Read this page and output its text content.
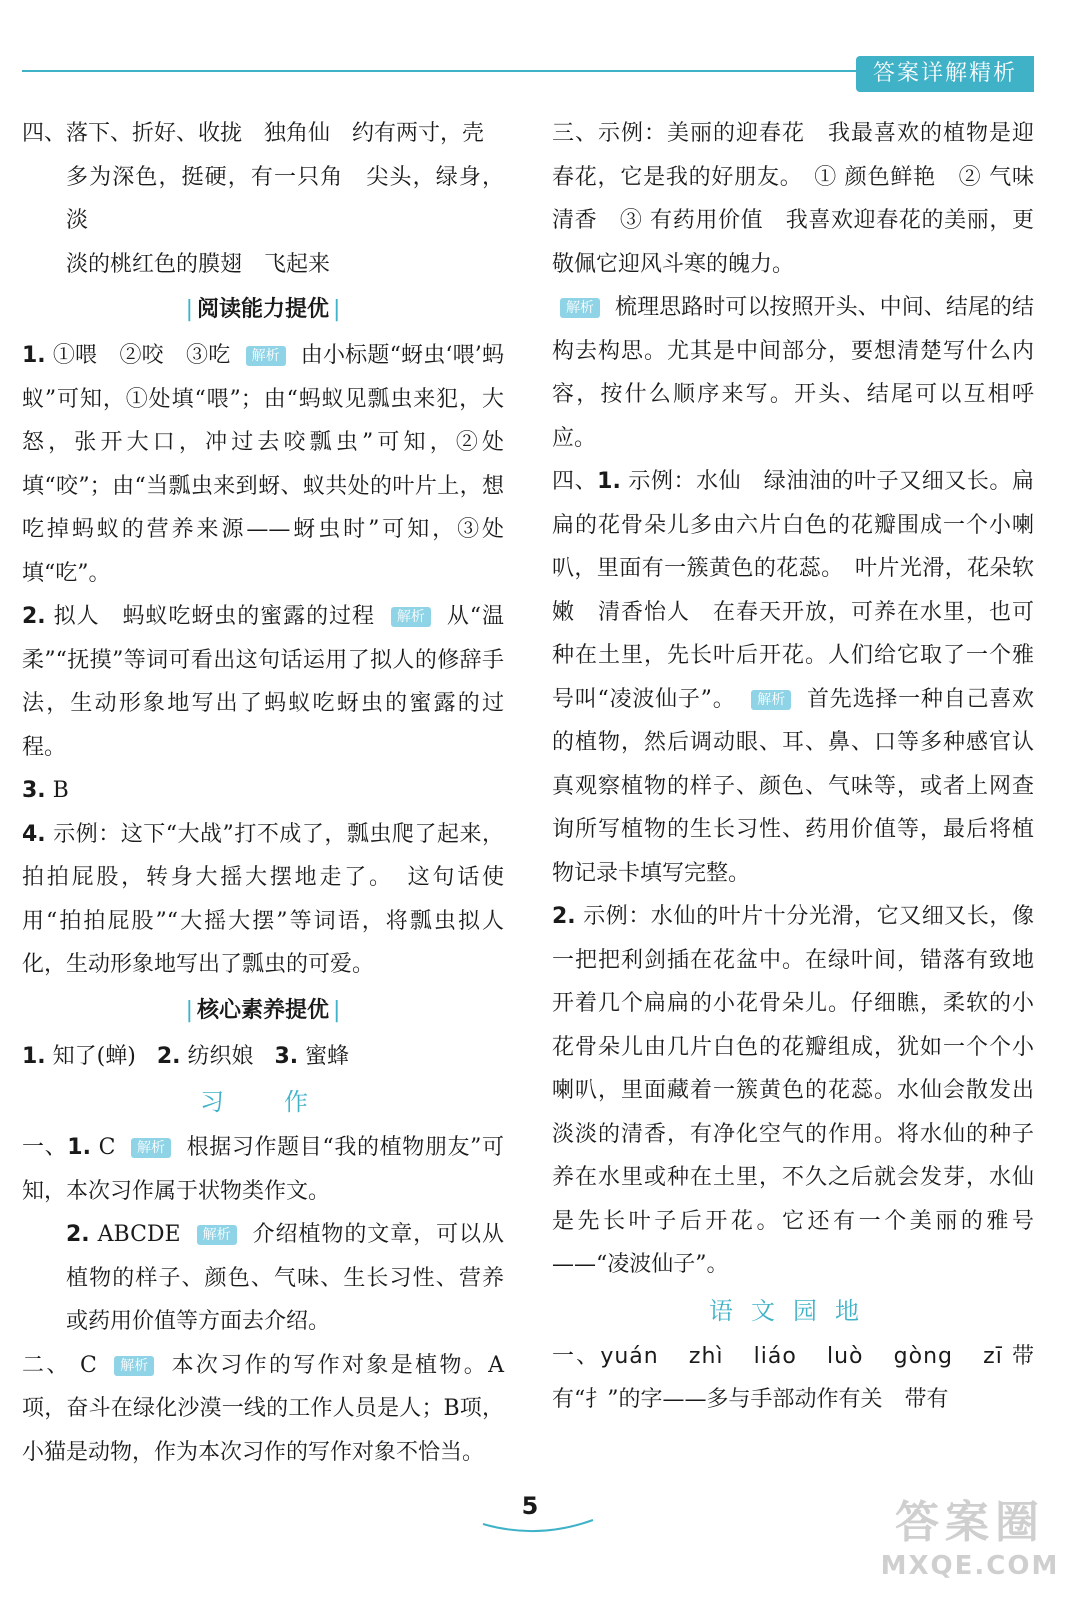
答案详解精析

四、落下、折好、收拢　独角仙　约有两寸，壳

多为深色，挺硬，有一只角　尖头，绿身，淡

淡的桃红色的膜翅　飞起来

| 阅读能力提优 |

1. ①喂　②咬　③吃 解析 由小标题“蚜虫‘喂’蚂蚁”可知，①处填“喂”；由“蚂蚁见瓢虫来犯，大怒，张开大口，冲过去咬瓢虫”可知，②处填“咬”；由“当瓢虫来到蚜、蚁共处的叶片上，想吃掉蚂蚁的营养来源——蚜虫时”可知，③处填“吃”。

2. 拟人　蚂蚁吃蚜虫的蜜露的过程 解析 从“温柔”“抚摸”等词可看出这句话运用了拟人的修辞手法，生动形象地写出了蚂蚁吃蚜虫的蜜露的过程。

3. B

4. 示例：这下“大战”打不成了，瓢虫爬了起来，拍拍屁股，转身大摇大摆地走了。　这句话使用“拍拍屁股”“大摇大摆”等词语，将瓢虫拟人化，生动形象地写出了瓢虫的可爱。

| 核心素养提优 |

1. 知了(蝉) 2. 纺织娘 3. 蜜蜂

习　作

一、1. C 解析 根据习作题目“我的植物朋友”可知，本次习作属于状物类作文。

2. ABCDE 解析 介绍植物的文章，可以从植物的样子、颜色、气味、生长习性、营养或药用价值等方面去介绍。

二、 C 解析 本次习作的写作对象是植物。A项，奋斗在绿化沙漠一线的工作人员是人；B项，小猫是动物，作为本次习作的写作对象不恰当。

三、示例：美丽的迎春花　我最喜欢的植物是迎春花，它是我的好朋友。　① 颜色鲜艳　② 气味清香　③ 有药用价值　我喜欢迎春花的美丽，更敬佩它迎风斗寒的魄力。

解析 梳理思路时可以按照开头、中间、结尾的结构去构思。尤其是中间部分，要想清楚写什么内容，按什么顺序来写。开头、结尾可以互相呼应。

四、1. 示例：水仙　绿油油的叶子又细又长。扁扁的花骨朵儿多由六片白色的花瓣围成一个小喇叭，里面有一簇黄色的花蕊。　叶片光滑，花朵软嫩　清香怡人　在春天开放，可养在水里，也可种在土里，先长叶后开花。人们给它取了一个雅号叫“凌波仙子”。 解析 首先选择一种自己喜欢的植物，然后调动眼、耳、鼻、口等多种感官认真观察植物的样子、颜色、气味等，或者上网查询所写植物的生长习性、药用价值等，最后将植物记录卡填写完整。

2. 示例：水仙的叶片十分光滑，它又细又长，像一把把利剑插在花盆中。在绿叶间，错落有致地开着几个扁扁的小花骨朵儿。仔细瞧，柔软的小花骨朵儿由几片白色的花瓣组成，犹如一个个小喇叭，里面藏着一簇黄色的花蕊。水仙会散发出淡淡的清香，有净化空气的作用。将水仙的种子养在水里或种在土里，不久之后就会发芽，水仙是先长叶子后开花。它还有一个美丽的雅号——“凌波仙子”。

语文园地

一、yuán zhì liáo luò gòng zī 带有“扌”的字——多与手部动作有关　带有

5	答案圈
MXQE.COM
